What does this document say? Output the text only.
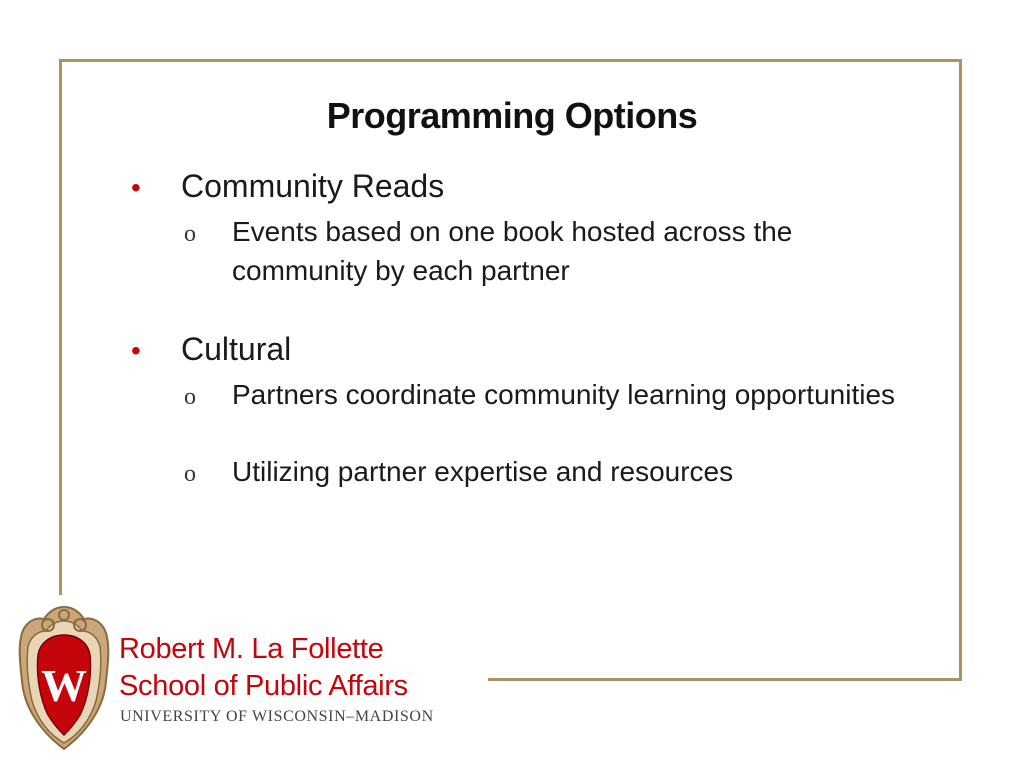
Programming Options
•	Community Reads
o	Events based on one book hosted across the community by each partner
•	Cultural
o	Partners coordinate community learning opportunities
o	Utilizing partner expertise and resources
W
Robert M. La Follette
School of Public Affairs
UNIVERSITY OF WISCONSIN–MADISON
